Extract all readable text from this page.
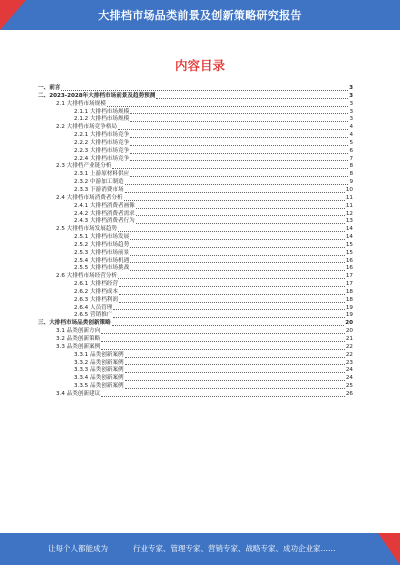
大排档市场品类前景及创新策略研究报告
内容目录
一、前言	3
二、2023-2028年大排档市场前景及趋势预测	3
2.1 大排档市场规模	3
2.1.1 大排档市场规模	3
2.1.2 大排档市场规模	3
2.2 大排档市场竞争格局	4
2.2.1 大排档市场竞争	4
2.2.2 大排档市场竞争	5
2.2.3 大排档市场竞争	6
2.2.4 大排档市场竞争	7
2.3 大排档产业链分析	8
2.3.1 上游原材料供应	8
2.3.2 中游加工制造	9
2.3.3 下游消费市场	10
2.4 大排档市场消费者分析	11
2.4.1 大排档消费者画像	11
2.4.2 大排档消费者需求	12
2.4.3 大排档消费者行为	13
2.5 大排档市场发展趋势	14
2.5.1 大排档市场发展	14
2.5.2 大排档市场趋势	15
2.5.3 大排档市场前景	15
2.5.4 大排档市场机遇	16
2.5.5 大排档市场挑战	16
2.6 大排档市场经营分析	17
2.6.1 大排档经营	17
2.6.2 大排档成本	18
2.6.3 大排档利润	18
2.6.4 人员管理	19
2.6.5 营销推广	19
三、大排档市场品类创新策略	20
3.1 品类创新方向	20
3.2 品类创新策略	21
3.3 品类创新案例	22
3.3.1 品类创新案例	22
3.3.2 品类创新案例	23
3.3.3 品类创新案例	24
3.3.4 品类创新案例	24
3.3.5 品类创新案例	25
3.4 品类创新建议	26
让每个人都能成为	行业专家、管理专家、营销专家、战略专家、成功企业家……
